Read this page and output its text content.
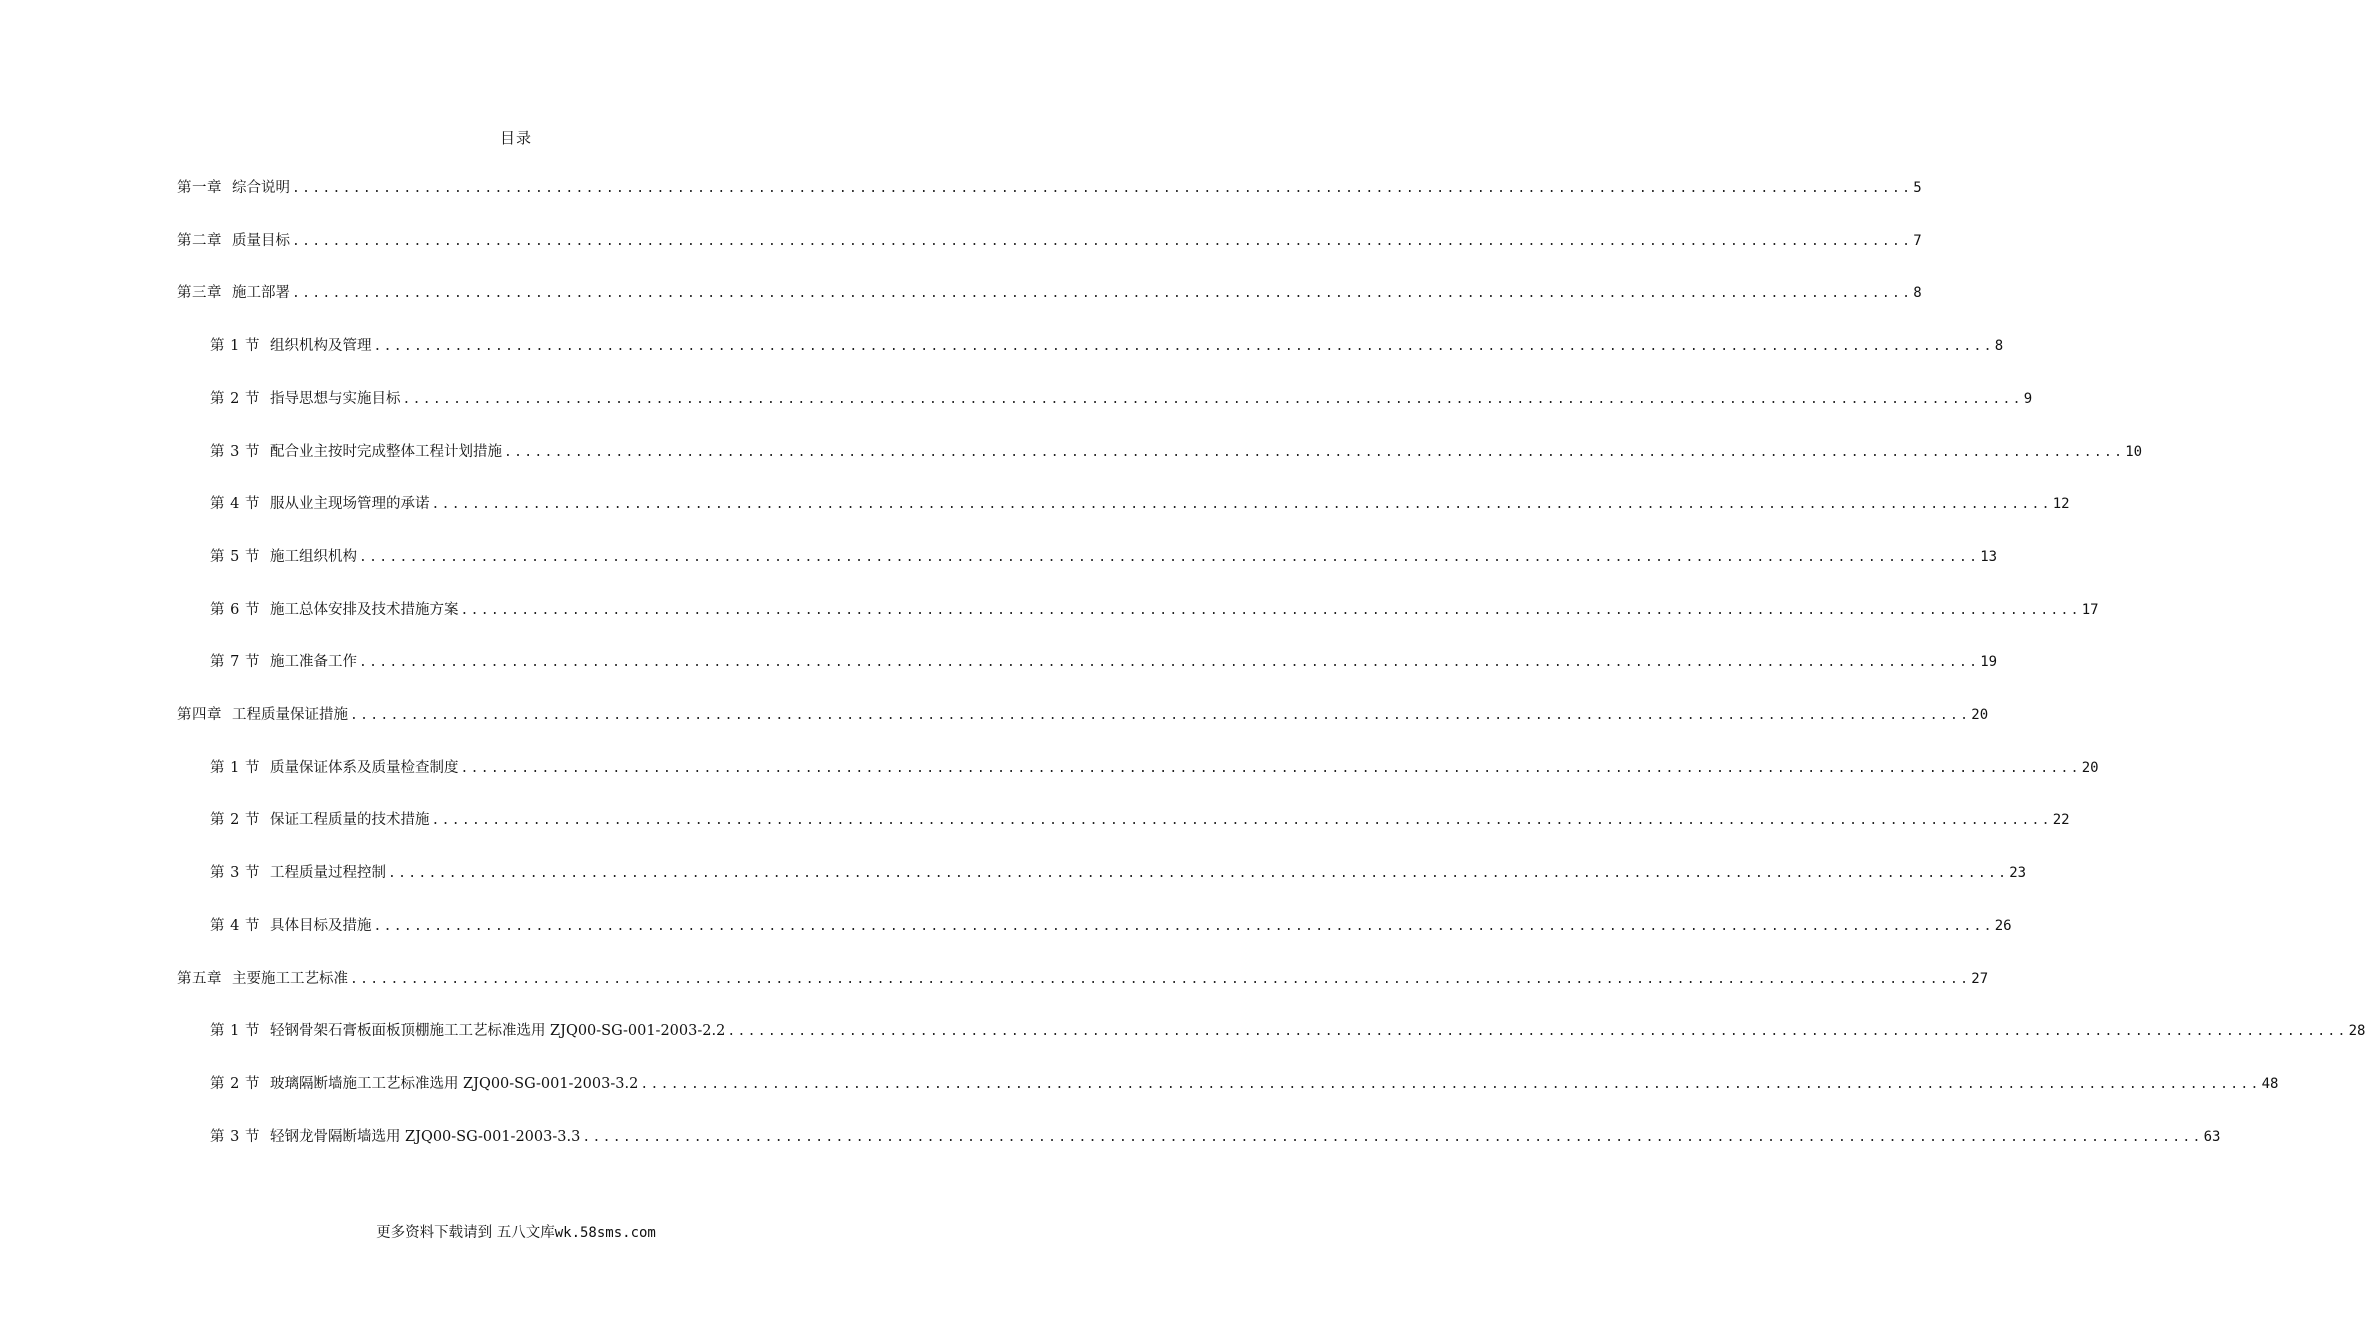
目录
第一章 综合说明 ................................................................................................................................................................ 5
第二章 质量目标 ................................................................................................................................................................ 7
第三章 施工部署 ................................................................................................................................................................ 8
第 1 节 组织机构及管理 ................................................................................................................................................................ 8
第 2 节 指导思想与实施目标 ................................................................................................................................................................ 9
第 3 节 配合业主按时完成整体工程计划措施 ................................................................................................................................................................ 10
第 4 节 服从业主现场管理的承诺 ................................................................................................................................................................ 12
第 5 节 施工组织机构 ................................................................................................................................................................ 13
第 6 节 施工总体安排及技术措施方案 ................................................................................................................................................................ 17
第 7 节 施工准备工作 ................................................................................................................................................................ 19
第四章 工程质量保证措施 ................................................................................................................................................................ 20
第 1 节 质量保证体系及质量检查制度 ................................................................................................................................................................ 20
第 2 节 保证工程质量的技术措施 ................................................................................................................................................................ 22
第 3 节 工程质量过程控制 ................................................................................................................................................................ 23
第 4 节 具体目标及措施 ................................................................................................................................................................ 26
第五章 主要施工工艺标准 ................................................................................................................................................................ 27
第 1 节 轻钢骨架石膏板面板顶棚施工工艺标准选用 ZJQ00-SG-001-2003-2.2 ................................................................................................................................................................ 28
第 2 节 玻璃隔断墙施工工艺标准选用 ZJQ00-SG-001-2003-3.2 ................................................................................................................................................................ 48
第 3 节 轻钢龙骨隔断墙选用 ZJQ00-SG-001-2003-3.3 ................................................................................................................................................................ 63
更多资料下载请到 五八文库wk.58sms.com
